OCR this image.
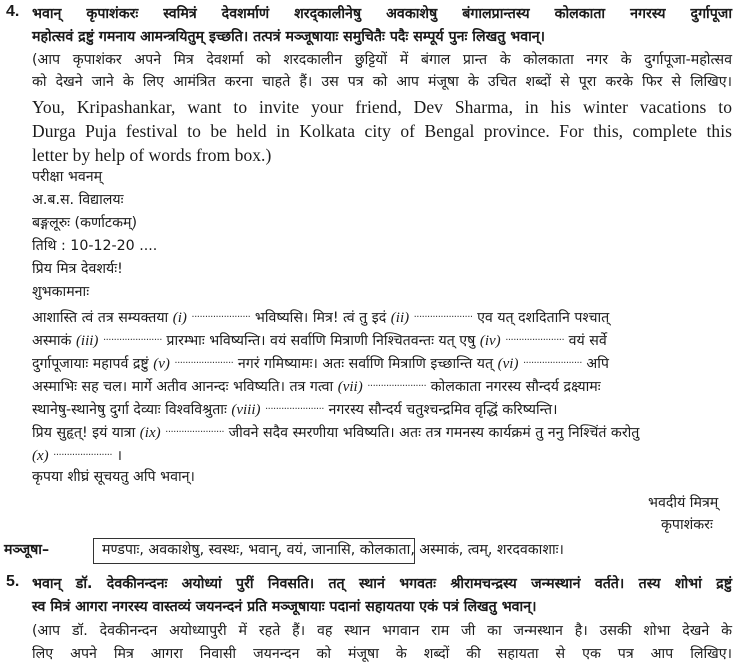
4. भवान् कृपाशंकरः स्वमित्रं देवशर्माणं शरद्कालीनेषु अवकाशेषु बंगालप्रान्तस्य कोलकाता नगरस्य दुर्गापूजा
महोत्सवं द्रष्टुं गमनाय आमन्त्रयितुम् इच्छति। तत्पत्रं मञ्जूषायाः समुचितैः पदैः सम्पूर्य पुनः लिखतु भवान्।
(आप कृपाशंकर अपने मित्र देवशर्मा को शरदकालीन छुट्टियों में बंगाल प्रान्त के कोलकाता नगर के दुर्गापूजा-महोत्सव
को देखने जाने के लिए आमंत्रित करना चाहते हैं। उस पत्र को आप मंजूषा के उचित शब्दों से पूरा करके फिर से लिखिए।
You, Kripashankar, want to invite your friend, Dev Sharma, in his winter vacations to
Durga Puja festival to be held in Kolkata city of Bengal province. For this, complete this
letter by help of words from box.)
परीक्षा भवनम्
अ.ब.स. विद्यालयः
बङ्गलूरुः (कर्णाटकम्)
तिथि : 10-12-20 ....
प्रिय मित्र देवशर्यः!
शुभकामनाः
आशास्ति त्वं तत्र सम्यक्तया (i) ...................... भविष्यसि। मित्र! त्वं तु इदं (ii) ...................... एव यत् दशदितानि पश्चात्
अस्माकं (iii) ...................... प्रारम्भाः भविष्यन्ति। वयं सर्वाणि मित्राणी निश्चितवन्तः यत् एषु (iv) ...................... वयं सर्वे
दुर्गापूजायाः महापर्व द्रष्टुं (v) ...................... नगरं गमिष्यामः। अतः सर्वाणि मित्राणि इच्छान्ति यत् (vi) ...................... अपि
अस्माभिः सह चल। मार्गे अतीव आनन्दः भविष्यति। तत्र गत्वा (vii) ...................... कोलकाता नगरस्य सौन्दर्य द्रक्ष्यामः
स्थानेषु-स्थानेषु दुर्गा देव्याः विश्वविश्रुताः (viii) ...................... नगरस्य सौन्दर्य चतुश्चन्द्रमिव वृद्धिं करिष्यन्ति।
प्रिय सुहृत्! इयं यात्रा (ix) ...................... जीवने सदैव स्मरणीया भविष्यति। अतः तत्र गमनस्य कार्यक्रमं तु ननु निश्चिंतं करोतु
(x) ...................... ।
कृपया शीघ्रं सूचयतु अपि भवान्।
भवदीयं मित्रम्
कृपाशंकरः
मञ्जूषा–	मण्डपाः, अवकाशेषु, स्वस्थः, भवान्, वयं, जानासि, कोलकाता, अस्माकं, त्वम्, शरदवकाशाः।
5. भवान् डॉ. देवकीनन्दनः अयोध्यां पुरीं निवसति। तत् स्थानं भगवतः श्रीरामचन्द्रस्य जन्मस्थानं वर्तते। तस्य शोभां द्रष्टुं
स्व मित्रं आगरा नगरस्य वास्तव्यं जयनन्दनं प्रति मञ्जूषायाः पदानां सहायतया एकं पत्रं लिखतु भवान्।
(आप डॉ. देवकीनन्दन अयोध्यापुरी में रहते हैं। वह स्थान भगवान राम जी का जन्मस्थान है। उसकी शोभा देखने के
लिए अपने मित्र आगरा निवासी जयनन्दन को मंजूषा के शब्दों की सहायता से एक पत्र आप लिखिए।
